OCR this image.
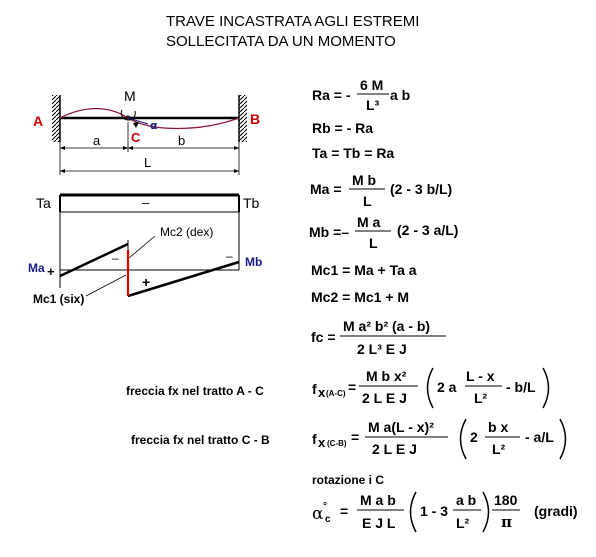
TRAVE INCASTRATA AGLI ESTREMI
SOLLECITATA DA UN MOMENTO
A	B
C
M
α
a	b
L
Ta	Tb
–
Ma	Mb
Mc1 (six)
Mc2 (dex)
+
+
–	–
Ra = -
6 M
L³
a b
Rb = - Ra
Ta = Tb = Ra
Ma =
M b
L
(2 - 3 b/L)
Mb =–
M a
L
(2 - 3 a/L)
Mc1 = Ma + Ta a
Mc2 = Mc1 + M
fc =
M a² b² (a - b)
2 L³ E J
freccia fx nel tratto A - C	f x (A-C) =
M b x²
2 L E J
2 a
L - x
L²
- b/L
freccia fx nel tratto C - B	f x (C-B) =
M a(L - x)²
2 L E J
2
b x
L²
- a/L
rotazione i C
α °
c
=
M a b
E J L
1 - 3
a b
L²
180
π
(gradi)
